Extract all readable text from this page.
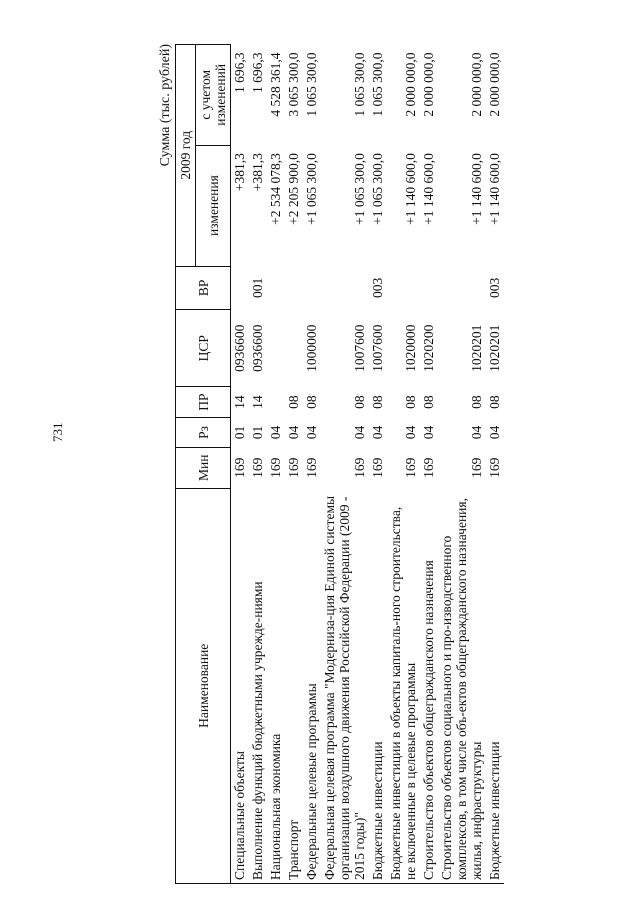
731
Сумма (тыс. рублей)
Наименование	Мин	Рз	ПР	ЦСР	ВР	2009 год	
						изменения	с учетом изменений

Специальные объекты	169	01	14	0936600		+381,3	1 696,3
Выполнение функций бюджетными учрежде-ниями	169	01	14	0936600	001	+381,3	1 696,3
Национальная экономика	169	04				+2 534 078,3	4 528 361,4
Транспорт	169	04	08			+2 205 900,0	3 065 300,0
Федеральные целевые программы	169	04	08	1000000		+1 065 300,0	1 065 300,0
Федеральная целевая программа "Модерниза-ция Единой системы организации воздушного движения Российской Федерации (2009 - 2015 годы)"	169	04	08	1007600		+1 065 300,0	1 065 300,0
Бюджетные инвестиции	169	04	08	1007600	003	+1 065 300,0	1 065 300,0
Бюджетные инвестиции в объекты капиталь-ного строительства, не включенные в целевые программы	169	04	08	1020000		+1 140 600,0	2 000 000,0
Строительство объектов общегражданского назначения	169	04	08	1020200		+1 140 600,0	2 000 000,0
Строительство объектов социального и про-изводственного комплексов, в том числе объ-ектов общегражданского назначения, жилья, инфраструктуры	169	04	08	1020201		+1 140 600,0	2 000 000,0
Бюджетные инвестиции	169	04	08	1020201	003	+1 140 600,0	2 000 000,0
